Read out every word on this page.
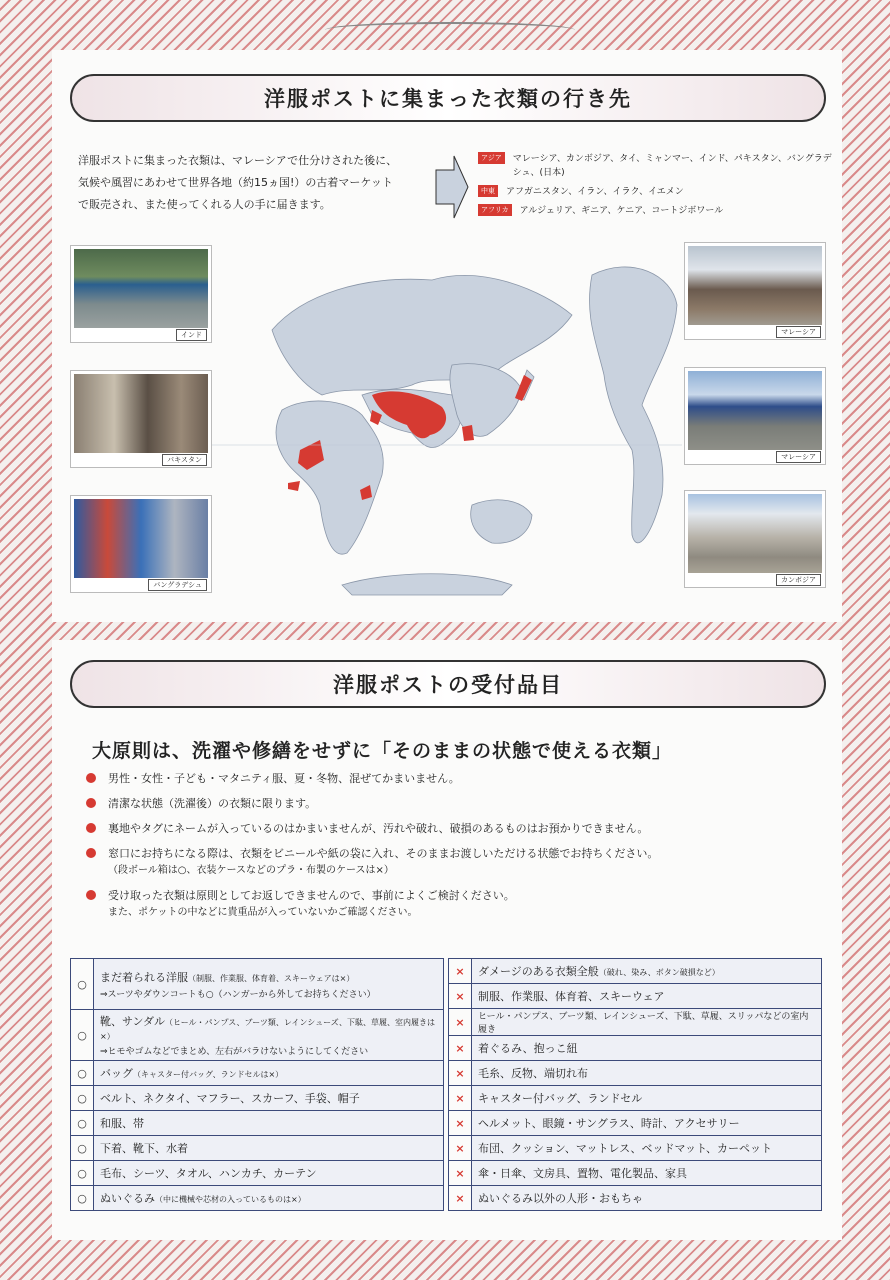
洋服ポストに集まった衣類の行き先
洋服ポストに集まった衣類は、マレーシアで仕分けされた後に、
気候や風習にあわせて世界各地（約15ヵ国!）の古着マーケット
で販売され、また使ってくれる人の手に届きます。
アジア	マレーシア、カンボジア、タイ、ミャンマー、インド、パキスタン、バングラデシュ、(日本)
中東	アフガニスタン、イラン、イラク、イエメン
アフリカ	アルジェリア、ギニア、ケニア、コートジボワール
インド
パキスタン
バングラデシュ
マレーシア
マレーシア
カンボジア
洋服ポストの受付品目
大原則は、洗濯や修繕をせずに「そのままの状態で使える衣類」
男性・女性・子ども・マタニティ服、夏・冬物、混ぜてかまいません。
清潔な状態（洗濯後）の衣類に限ります。
裏地やタグにネームが入っているのはかまいませんが、汚れや破れ、破損のあるものはお預かりできません。
窓口にお持ちになる際は、衣類をビニールや紙の袋に入れ、そのままお渡しいただける状態でお持ちください。
（段ボール箱は○、衣装ケースなどのプラ・布製のケースは×）
受け取った衣類は原則としてお返しできませんので、事前によくご検討ください。
また、ポケットの中などに貴重品が入っていないかご確認ください。
○	まだ着られる洋服（制服、作業服、体育着、スキーウェアは×）
⇒スーツやダウンコートも○（ハンガーから外してお持ちください）

○	靴、サンダル（ヒール・パンプス、ブーツ類、レインシューズ、下駄、草履、室内履きは×）
⇒ヒモやゴムなどでまとめ、左右がバラけないようにしてください

○	バッグ（キャスター付バッグ、ランドセルは×）
○	ベルト、ネクタイ、マフラー、スカーフ、手袋、帽子
○	和服、帯
○	下着、靴下、水着
○	毛布、シーツ、タオル、ハンカチ、カーテン
○	ぬいぐるみ（中に機械や芯材の入っているものは×）
×	ダメージのある衣類全般（破れ、染み、ボタン破損など）
×	制服、作業服、体育着、スキーウェア
×	ヒール・パンプス、ブーツ類、レインシューズ、下駄、草履、スリッパなどの室内履き
×	着ぐるみ、抱っこ紐
×	毛糸、反物、端切れ布
×	キャスター付バッグ、ランドセル
×	ヘルメット、眼鏡・サングラス、時計、アクセサリー
×	布団、クッション、マットレス、ベッドマット、カーペット
×	傘・日傘、文房具、置物、電化製品、家具
×	ぬいぐるみ以外の人形・おもちゃ
